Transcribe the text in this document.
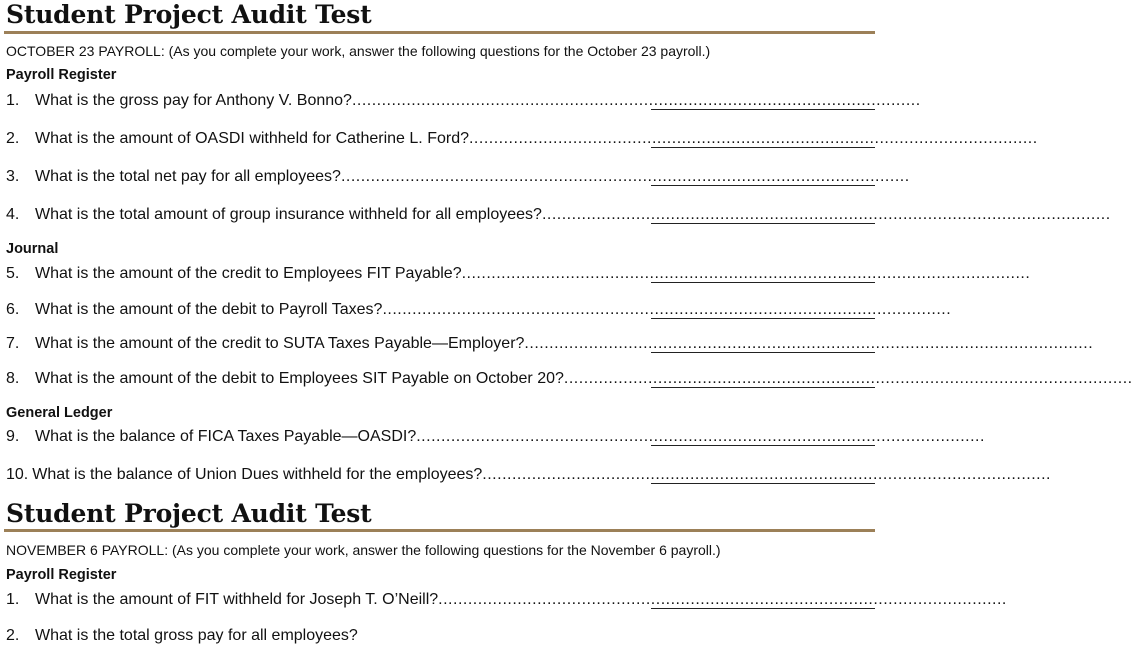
Student Project Audit Test
OCTOBER 23 PAYROLL: (As you complete your work, answer the following questions for the October 23 payroll.)
Payroll Register
1. What is the gross pay for Anthony V. Bonno? ...................................................................................................................
2. What is the amount of OASDI withheld for Catherine L. Ford? ...................................................................................................................
3. What is the total net pay for all employees? ...................................................................................................................
4. What is the total amount of group insurance withheld for all employees? ...................................................................................................................
Journal
5. What is the amount of the credit to Employees FIT Payable? ...................................................................................................................
6. What is the amount of the debit to Payroll Taxes? ...................................................................................................................
7. What is the amount of the credit to SUTA Taxes Payable—Employer? ...................................................................................................................
8. What is the amount of the debit to Employees SIT Payable on October 20? ...................................................................................................................
General Ledger
9. What is the balance of FICA Taxes Payable—OASDI? ...................................................................................................................
10. What is the balance of Union Dues withheld for the employees? ...................................................................................................................
Student Project Audit Test
NOVEMBER 6 PAYROLL: (As you complete your work, answer the following questions for the November 6 payroll.)
Payroll Register
1. What is the amount of FIT withheld for Joseph T. O’Neill? ...................................................................................................................
2. What is the total gross pay for all employees?
